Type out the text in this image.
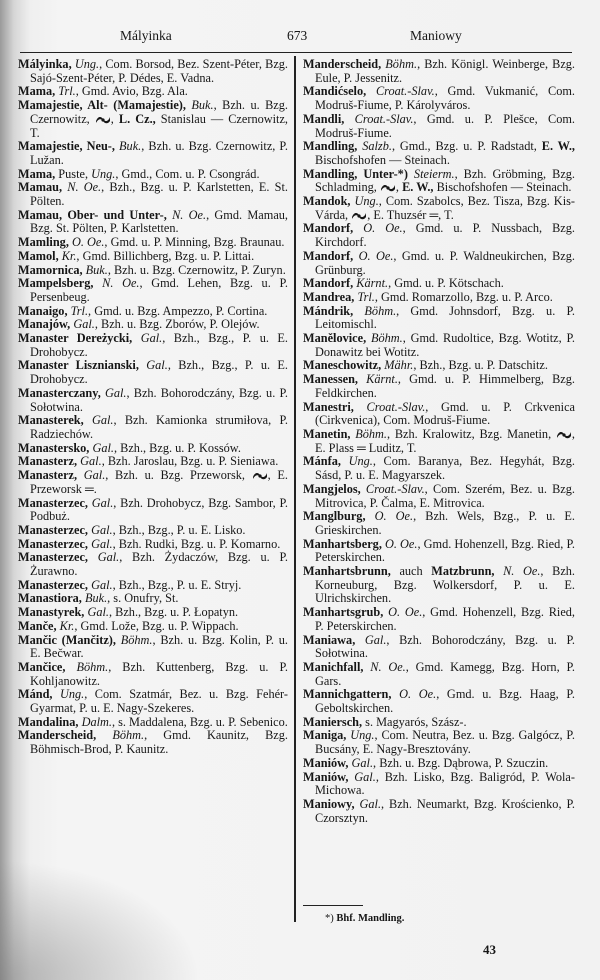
Mályinka	673	Maniowy
Mályinka, Ung., Com. Borsod, Bez. Szent-Péter, Bzg. Sajó-Szent-Péter, P. Dédes, E. Vadna.
Mama, Trl., Gmd. Avio, Bzg. Ala.
Mamajestie, Alt- (Mamajestie), Buk., Bzh. u. Bzg. Czernowitz, , L. Cz., Stanislau — Czernowitz, T.
Mamajestie, Neu-, Buk., Bzh. u. Bzg. Czernowitz, P. Lužan.
Mama, Puste, Ung., Gmd., Com. u. P. Csongrád.
Mamau, N. Oe., Bzh., Bzg. u. P. Karlstetten, E. St. Pölten.
Mamau, Ober- und Unter-, N. Oe., Gmd. Mamau, Bzg. St. Pölten, P. Karlstetten.
Mamling, O. Oe., Gmd. u. P. Minning, Bzg. Braunau.
Mamol, Kr., Gmd. Billichberg, Bzg. u. P. Littai.
Mamornica, Buk., Bzh. u. Bzg. Czernowitz, P. Zuryn.
Mampelsberg, N. Oe., Gmd. Lehen, Bzg. u. P. Persenbeug.
Manaigo, Trl., Gmd. u. Bzg. Ampezzo, P. Cortina.
Manajów, Gal., Bzh. u. Bzg. Zborów, P. Olejów.
Manaster Dereżycki, Gal., Bzh., Bzg., P. u. E. Drohobycz.
Manaster Lisznianski, Gal., Bzh., Bzg., P. u. E. Drohobycz.
Manasterczany, Gal., Bzh. Bohorodczány, Bzg. u. P. Sołotwina.
Manasterek, Gal., Bzh. Kamionka strumiłova, P. Radziechów.
Manastersko, Gal., Bzh., Bzg. u. P. Kossów.
Manasterz, Gal., Bzh. Jaroslau, Bzg. u. P. Sieniawa.
Manasterz, Gal., Bzh. u. Bzg. Przeworsk, , E. Przeworsk ═.
Manasterzec, Gal., Bzh. Drohobycz, Bzg. Sambor, P. Podbuż.
Manasterzec, Gal., Bzh., Bzg., P. u. E. Lisko.
Manasterzec, Gal., Bzh. Rudki, Bzg. u. P. Komarno.
Manasterzec, Gal., Bzh. Żydaczów, Bzg. u. P. Żurawno.
Manasterzec, Gal., Bzh., Bzg., P. u. E. Stryj.
Manastiora, Buk., s. Onufry, St.
Manastyrek, Gal., Bzh., Bzg. u. P. Łopatyn.
Manče, Kr., Gmd. Lože, Bzg. u. P. Wippach.
Mančic (Mančitz), Böhm., Bzh. u. Bzg. Kolin, P. u. E. Bečwar.
Mančice, Böhm., Bzh. Kuttenberg, Bzg. u. P. Kohljanowitz.
Mánd, Ung., Com. Szatmár, Bez. u. Bzg. Fehér-Gyarmat, P. u. E. Nagy-Szekeres.
Mandalina, Dalm., s. Maddalena, Bzg. u. P. Sebenico.
Manderscheid, Böhm., Gmd. Kaunitz, Bzg. Böhmisch-Brod, P. Kaunitz.
Manderscheid, Böhm., Bzh. Königl. Weinberge, Bzg. Eule, P. Jessenitz.
Mandićselo, Croat.-Slav., Gmd. Vukmanić, Com. Modruš-Fiume, P. Károlyváros.
Mandli, Croat.-Slav., Gmd. u. P. Plešce, Com. Modruš-Fiume.
Mandling, Salzb., Gmd., Bzg. u. P. Radstadt, E. W., Bischofshofen — Steinach.
Mandling, Unter-*) Steierm., Bzh. Gröbming, Bzg. Schladming, , E. W., Bischofshofen — Steinach.
Mandok, Ung., Com. Szabolcs, Bez. Tisza, Bzg. Kis-Várda, , E. Thuzsér ═, T.
Mandorf, O. Oe., Gmd. u. P. Nussbach, Bzg. Kirchdorf.
Mandorf, O. Oe., Gmd. u. P. Waldneukirchen, Bzg. Grünburg.
Mandorf, Kärnt., Gmd. u. P. Kötschach.
Mandrea, Trl., Gmd. Romarzollo, Bzg. u. P. Arco.
Mándrik, Böhm., Gmd. Johnsdorf, Bzg. u. P. Leitomischl.
Manělovice, Böhm., Gmd. Rudoltice, Bzg. Wotitz, P. Donawitz bei Wotitz.
Maneschowitz, Mähr., Bzh., Bzg. u. P. Datschitz.
Manessen, Kärnt., Gmd. u. P. Himmelberg, Bzg. Feldkirchen.
Manestri, Croat.-Slav., Gmd. u. P. Crkvenica (Cirkvenica), Com. Modruš-Fiume.
Manetin, Böhm., Bzh. Kralowitz, Bzg. Manetin, , E. Plass ═ Luditz, T.
Mánfa, Ung., Com. Baranya, Bez. Hegyhát, Bzg. Sásd, P. u. E. Magyarszek.
Mangjelos, Croat.-Slav., Com. Szerém, Bez. u. Bzg. Mitrovica, P. Čalma, E. Mitrovica.
Manglburg, O. Oe., Bzh. Wels, Bzg., P. u. E. Grieskirchen.
Manhartsberg, O. Oe., Gmd. Hohenzell, Bzg. Ried, P. Peterskirchen.
Manhartsbrunn, auch Matzbrunn, N. Oe., Bzh. Korneuburg, Bzg. Wolkersdorf, P. u. E. Ulrichskirchen.
Manhartsgrub, O. Oe., Gmd. Hohenzell, Bzg. Ried, P. Peterskirchen.
Maniawa, Gal., Bzh. Bohorodczány, Bzg. u. P. Sołotwina.
Manichfall, N. Oe., Gmd. Kamegg, Bzg. Horn, P. Gars.
Mannichgattern, O. Oe., Gmd. u. Bzg. Haag, P. Geboltskirchen.
Maniersch, s. Magyarós, Szász-.
Maniga, Ung., Com. Neutra, Bez. u. Bzg. Galgócz, P. Bucsány, E. Nagy-Bresztovány.
Maniów, Gal., Bzh. u. Bzg. Dąbrowa, P. Szuczin.
Maniów, Gal., Bzh. Lisko, Bzg. Baligród, P. Wola-Michowa.
Maniowy, Gal., Bzh. Neumarkt, Bzg. Krościenko, P. Czorsztyn.
*) Bhf. Mandling.
43
